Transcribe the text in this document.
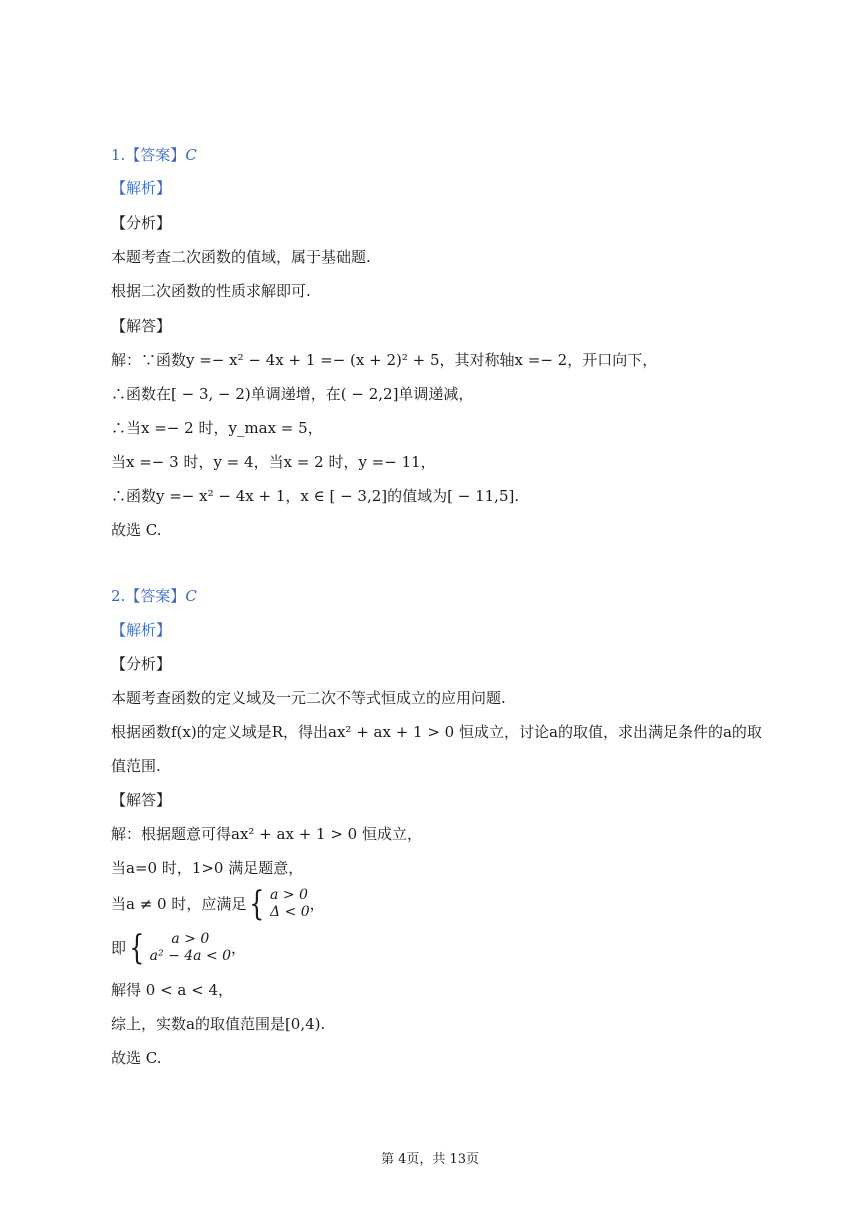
1.【答案】C
【解析】
【分析】
本题考查二次函数的值域，属于基础题.
根据二次函数的性质求解即可.
【解答】
解：∵函数y =− x² − 4x + 1 =− (x + 2)² + 5，其对称轴x =− 2，开口向下，
∴函数在[ − 3, − 2)单调递增，在( − 2,2]单调递减，
∴当x =− 2 时，y_max = 5，
当x =− 3 时，y = 4，当x = 2 时，y =− 11，
∴函数y =− x² − 4x + 1，x ∈ [ − 3,2]的值域为[ − 11,5].
故选 C.
2.【答案】C
【解析】
【分析】
本题考查函数的定义域及一元二次不等式恒成立的应用问题.
根据函数f(x)的定义域是R，得出ax² + ax + 1 > 0 恒成立，讨论a的取值，求出满足条件的a的取
值范围.
【解答】
解：根据题意可得ax² + ax + 1 > 0 恒成立，
当a=0 时，1>0 满足题意，
当a ≠ 0 时，应满足 { a > 0
Δ < 0 ，
即 { a > 0
a² − 4a < 0 ，
解得 0 < a < 4，
综上，实数a的取值范围是[0,4).
故选 C.
第 4页，共 13页
